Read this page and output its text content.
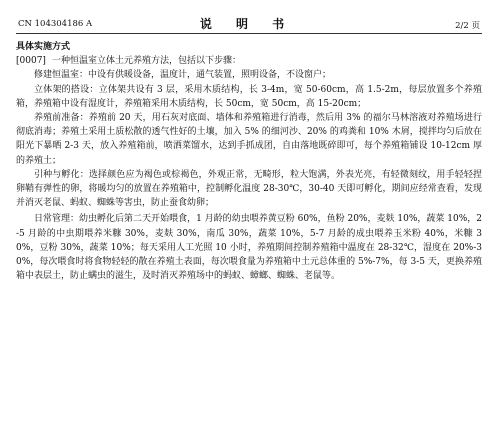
CN 104304186 A	说 明 书	2/2 页

具体实施方式

[0007] 一种恒温室立体土元养殖方法，包括以下步骤：

修建恒温室：中设有供暖设备，温度计，通气装置，照明设备，不设窗户；

立体架的搭设：立体架共设有 3 层，采用木质结构，长 3-4m，宽 50-60cm，高 1.5-2m，每层放置多个养殖箱，养殖箱中设有湿度计，养殖箱采用木质结构，长 50cm，宽 50cm，高 15-20cm；

养殖前准备：养殖前 20 天，用石灰对底面、墙体和养殖箱进行消毒，然后用 3% 的福尔马林溶液对养殖场进行彻底消毒；养殖土采用土质松散的透气性好的土壤，加入 5% 的细河沙、20% 的鸡粪和 10% 木屑，搅拌均匀后放在阳光下暴晒 2-3 天，放入养殖箱前，喷洒菜馏水，达到手抓成团，自由落地既碎即可，每个养殖箱铺设 10-12cm 厚的养殖土；

引种与孵化：选择颜色应为褐色或棕褐色，外观正常，无畸形，粒大饱满，外表光亮，有轻微刻纹，用手轻轻捏卵鞘有弹性的卵，将暖均匀的放置在养殖箱中，控制孵化温度 28-30℃，30-40 天即可孵化，期间应经常查看，发现并消灭老鼠、蚂蚁、蜘蛛等害虫，防止蚕食幼卵；

日常管理：幼虫孵化后第二天开始喂食，1 月龄的幼虫喂养黄豆粉 60%，鱼粉 20%，麦麸 10%，蔬菜 10%，2-5 月龄的中虫期喂养米糠 30%，麦麸 30%，南瓜 30%，蔬菜 10%，5-7 月龄的成虫喂养玉米粉 40%，米糠 30%，豆粉 30%，蔬菜 10%；每天采用人工光照 10 小时，养殖期间控制养殖箱中温度在 28-32℃，湿度在 20%-30%，每次喂食时将食物轻轻的散在养殖土表面，每次喂食量为养殖箱中土元总体重的 5%-7%，每 3-5 天，更换养殖箱中表层土，防止螨虫的滋生，及时消灭养殖场中的蚂蚁、蟑螂、蜘蛛、老鼠等。
